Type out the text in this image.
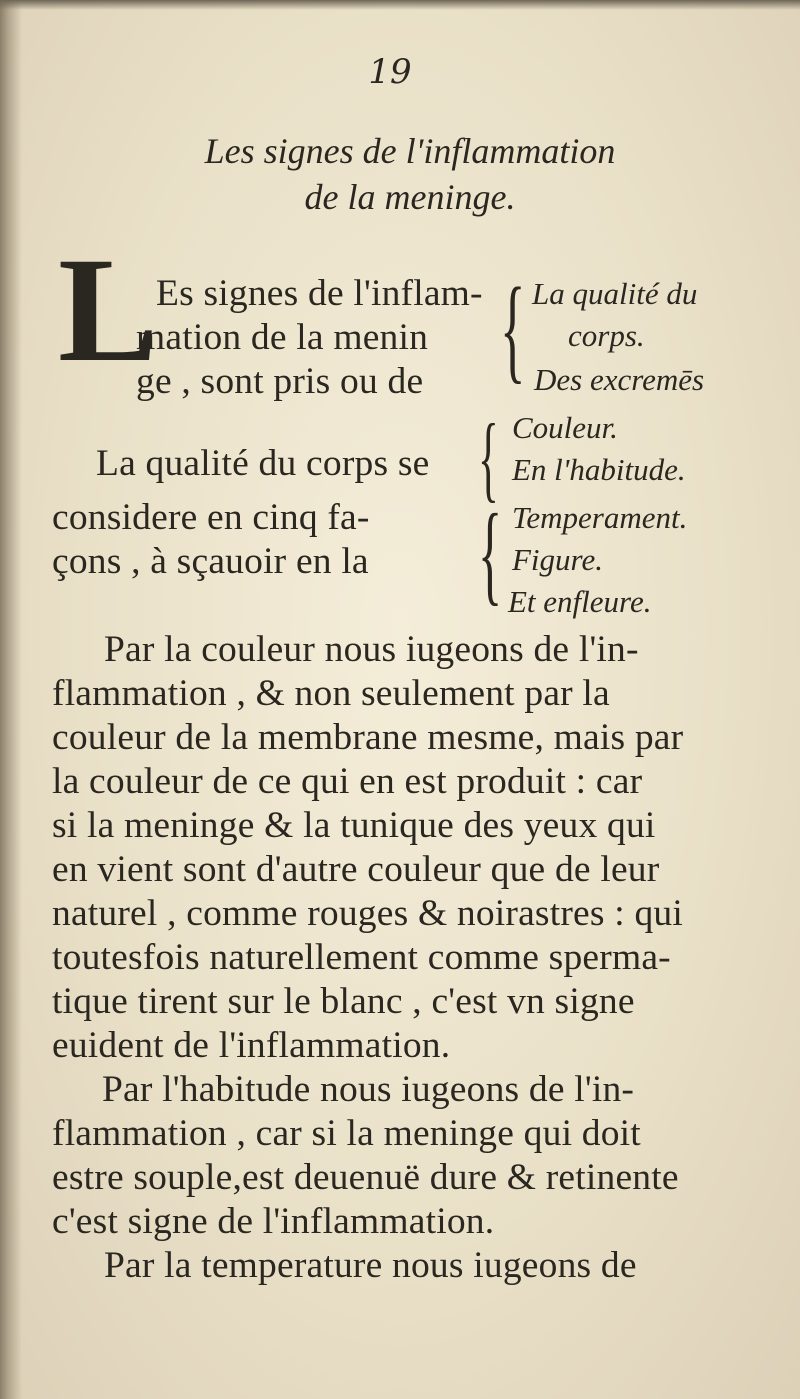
19
Les signes de l'inflammation
de la meninge.
L
Es signes de l'inflam-
mation de la menin
ge , sont pris ou de { La qualité du
corps.
Des excremēs
La qualité du corps se
considere en cinq fa-
çons , à sçauoir en la
{
{
Couleur.
En l'habitude.
Temperament.
Figure.
Et enfleure.
Par la couleur nous iugeons de l'in-
flammation , & non seulement par la
couleur de la membrane mesme, mais par
la couleur de ce qui en est produit : car
si la meninge & la tunique des yeux qui
en vient sont d'autre couleur que de leur
naturel , comme rouges & noirastres : qui
toutesfois naturellement comme sperma-
tique tirent sur le blanc , c'est vn signe
euident de l'inflammation.
Par l'habitude nous iugeons de l'in-
flammation , car si la meninge qui doit
estre souple,est deuenuë dure & retinente
c'est signe de l'inflammation.
Par la temperature nous iugeons de
